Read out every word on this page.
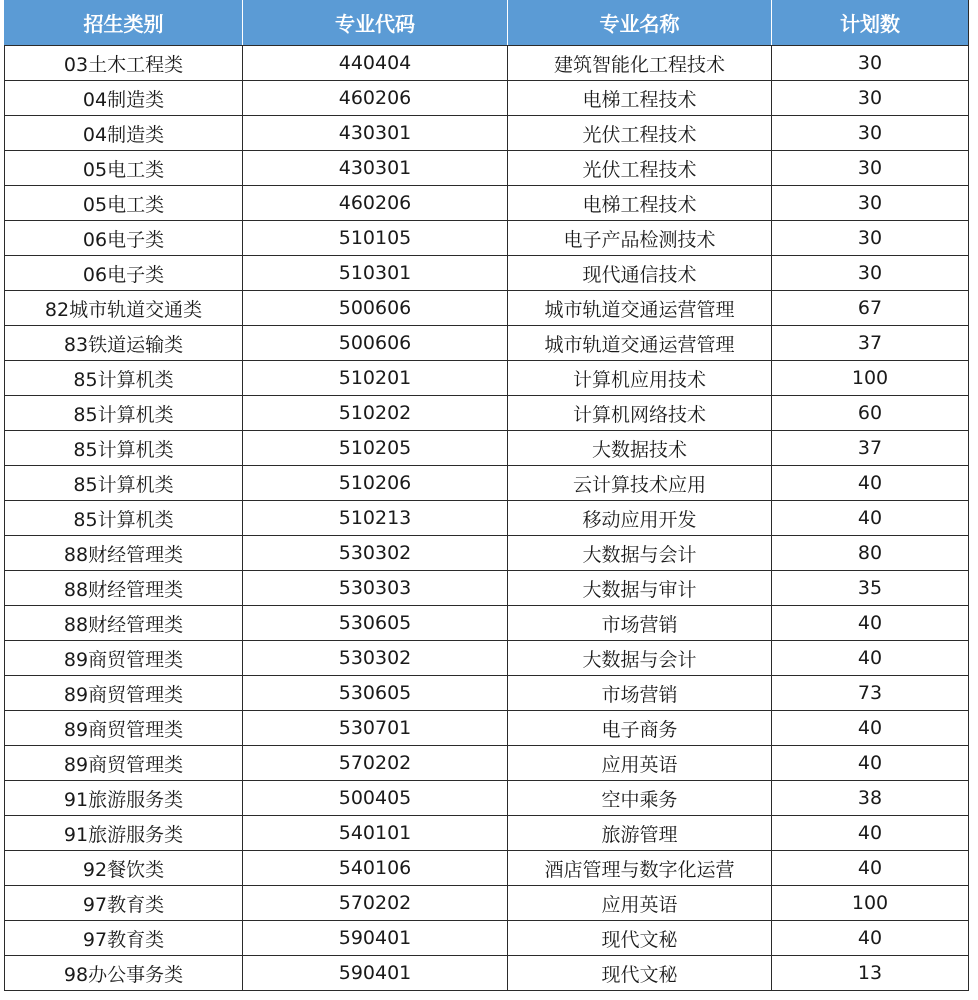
招生类别	专业代码	专业名称	计划数
03土木工程类	440404	建筑智能化工程技术	30
04制造类	460206	电梯工程技术	30
04制造类	430301	光伏工程技术	30
05电工类	430301	光伏工程技术	30
05电工类	460206	电梯工程技术	30
06电子类	510105	电子产品检测技术	30
06电子类	510301	现代通信技术	30
82城市轨道交通类	500606	城市轨道交通运营管理	67
83铁道运输类	500606	城市轨道交通运营管理	37
85计算机类	510201	计算机应用技术	100
85计算机类	510202	计算机网络技术	60
85计算机类	510205	大数据技术	37
85计算机类	510206	云计算技术应用	40
85计算机类	510213	移动应用开发	40
88财经管理类	530302	大数据与会计	80
88财经管理类	530303	大数据与审计	35
88财经管理类	530605	市场营销	40
89商贸管理类	530302	大数据与会计	40
89商贸管理类	530605	市场营销	73
89商贸管理类	530701	电子商务	40
89商贸管理类	570202	应用英语	40
91旅游服务类	500405	空中乘务	38
91旅游服务类	540101	旅游管理	40
92餐饮类	540106	酒店管理与数字化运营	40
97教育类	570202	应用英语	100
97教育类	590401	现代文秘	40
98办公事务类	590401	现代文秘	13
